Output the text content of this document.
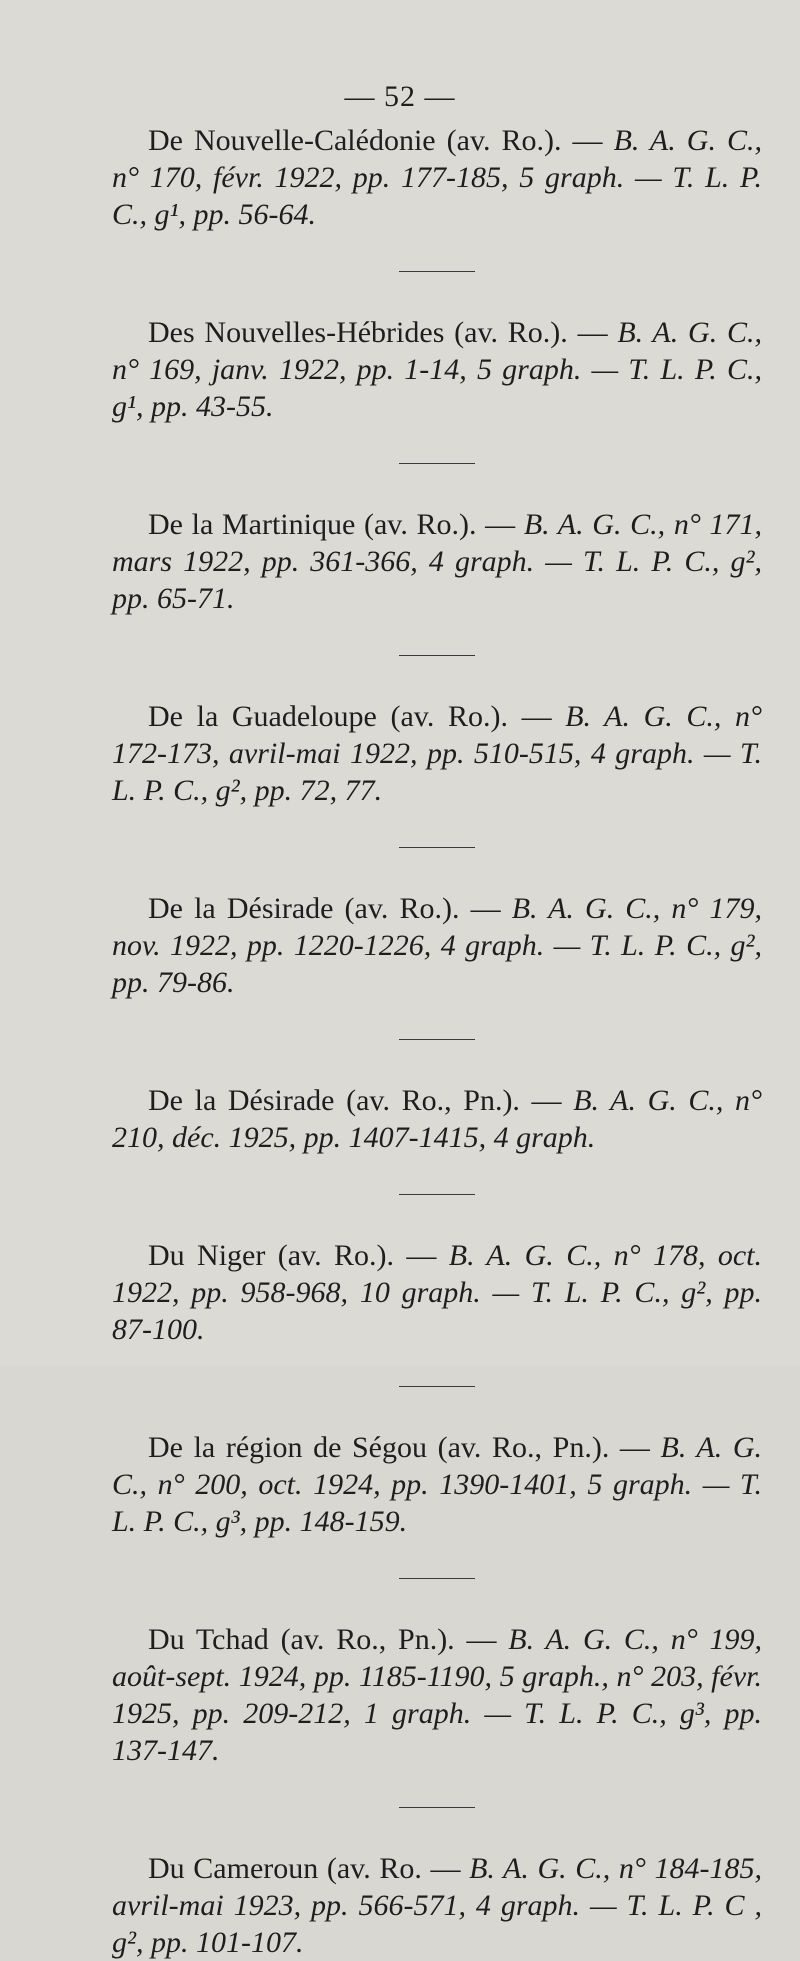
— 52 —

De Nouvelle-Calédonie (av. Ro.). — B. A. G. C., n° 170, févr. 1922, pp. 177-185, 5 graph. — T. L. P. C., g¹, pp. 56-64.

Des Nouvelles-Hébrides (av. Ro.). — B. A. G. C., n° 169, janv. 1922, pp. 1-14, 5 graph. — T. L. P. C., g¹, pp. 43-55.

De la Martinique (av. Ro.). — B. A. G. C., n° 171, mars 1922, pp. 361-366, 4 graph. — T. L. P. C., g², pp. 65-71.

De la Guadeloupe (av. Ro.). — B. A. G. C., n° 172-173, avril-mai 1922, pp. 510-515, 4 graph. — T. L. P. C., g², pp. 72, 77.

De la Désirade (av. Ro.). — B. A. G. C., n° 179, nov. 1922, pp. 1220-1226, 4 graph. — T. L. P. C., g², pp. 79-86.

De la Désirade (av. Ro., Pn.). — B. A. G. C., n° 210, déc. 1925, pp. 1407-1415, 4 graph.

Du Niger (av. Ro.). — B. A. G. C., n° 178, oct. 1922, pp. 958-968, 10 graph. — T. L. P. C., g², pp. 87-100.

De la région de Ségou (av. Ro., Pn.). — B. A. G. C., n° 200, oct. 1924, pp. 1390-1401, 5 graph. — T. L. P. C., g³, pp. 148-159.

Du Tchad (av. Ro., Pn.). — B. A. G. C., n° 199, août-sept. 1924, pp. 1185-1190, 5 graph., n° 203, févr. 1925, pp. 209-212, 1 graph. — T. L. P. C., g³, pp. 137-147.

Du Cameroun (av. Ro. — B. A. G. C., n° 184-185, avril-mai 1923, pp. 566-571, 4 graph. — T. L. P. C , g², pp. 101-107.
